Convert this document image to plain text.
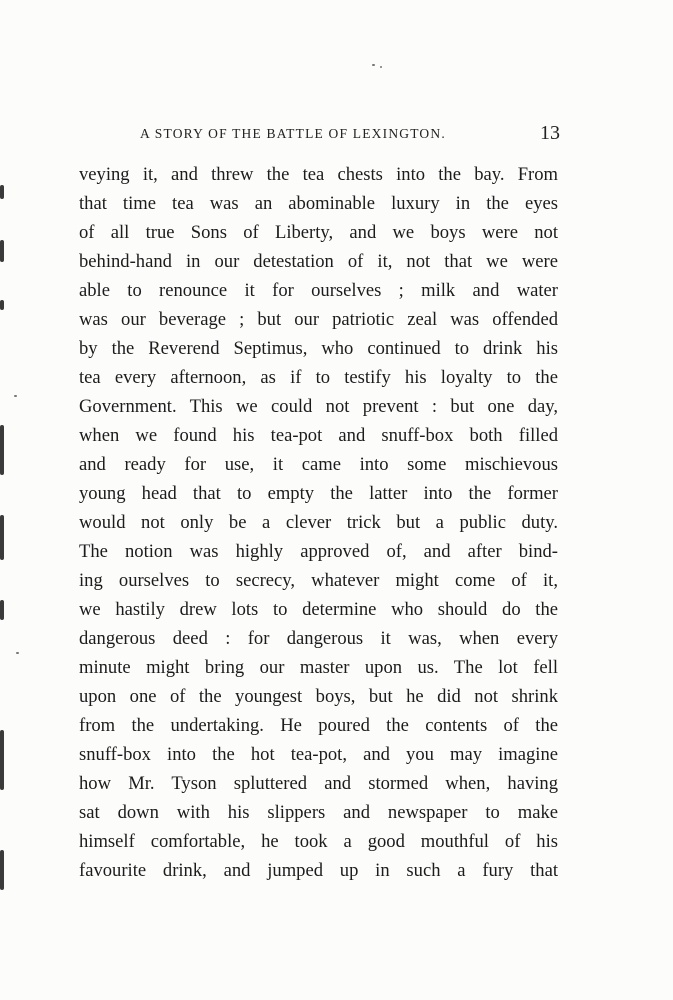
A STORY OF THE BATTLE OF LEXINGTON.	13
veying it, and threw the tea chests into the bay. From
that time tea was an abominable luxury in the eyes
of all true Sons of Liberty, and we boys were not
behind-hand in our detestation of it, not that we were
able to renounce it for ourselves ; milk and water
was our beverage ; but our patriotic zeal was offended
by the Reverend Septimus, who continued to drink his
tea every afternoon, as if to testify his loyalty to the
Government. This we could not prevent : but one day,
when we found his tea-pot and snuff-box both filled
and ready for use, it came into some mischievous
young head that to empty the latter into the former
would not only be a clever trick but a public duty.
The notion was highly approved of, and after bind-
ing ourselves to secrecy, whatever might come of it,
we hastily drew lots to determine who should do the
dangerous deed : for dangerous it was, when every
minute might bring our master upon us. The lot fell
upon one of the youngest boys, but he did not shrink
from the undertaking. He poured the contents of the
snuff-box into the hot tea-pot, and you may imagine
how Mr. Tyson spluttered and stormed when, having
sat down with his slippers and newspaper to make
himself comfortable, he took a good mouthful of his
favourite drink, and jumped up in such a fury that
